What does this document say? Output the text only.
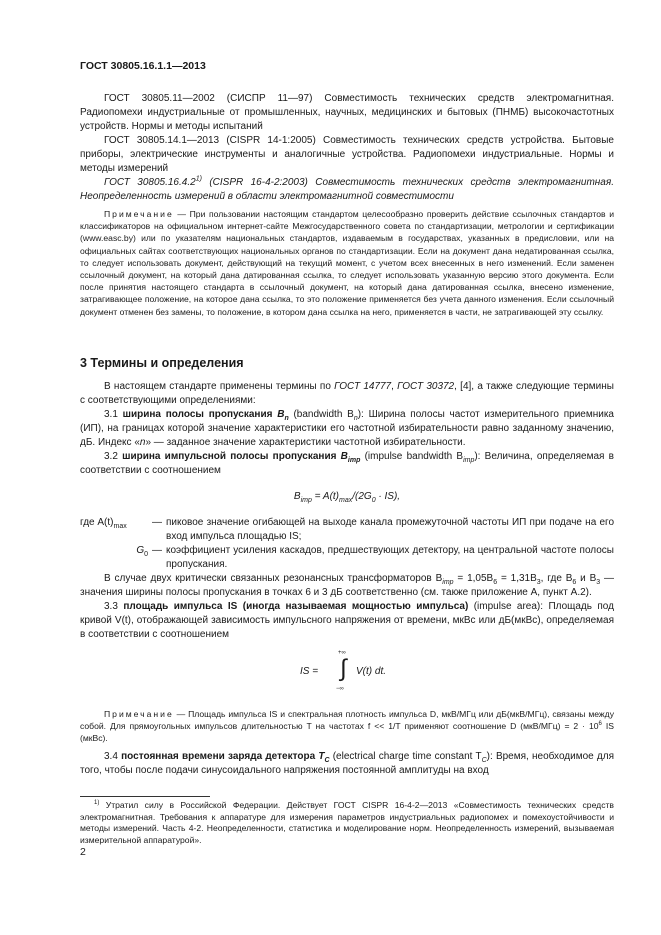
ГОСТ 30805.16.1.1—2013

ГОСТ 30805.11—2002 (СИСПР 11—97) Совместимость технических средств электромагнитная. Радиопомехи индустриальные от промышленных, научных, медицинских и бытовых (ПНМБ) высокочастотных устройств. Нормы и методы испытаний

ГОСТ 30805.14.1—2013 (CISPR 14-1:2005) Совместимость технических средств устройства. Бытовые приборы, электрические инструменты и аналогичные устройства. Радиопомехи индустриальные. Нормы и методы измерений

ГОСТ 30805.16.4.2$^{1)}$ (CISPR 16-4-2:2003) Совместимость технических средств электромагнитная. Неопределенность измерений в области электромагнитной совместимости

Примечание — При пользовании настоящим стандартом целесообразно проверить действие ссылочных стандартов и классификаторов на официальном интернет-сайте Межгосударственного совета по стандартизации, метрологии и сертификации (www.easc.by) или по указателям национальных стандартов, издаваемым в государствах, указанных в предисловии, или на официальных сайтах соответствующих национальных органов по стандартизации. Если на документ дана недатированная ссылка, то следует использовать документ, действующий на текущий момент, с учетом всех внесенных в него изменений. Если заменен ссылочный документ, на который дана датированная ссылка, то следует использовать указанную версию этого документа. Если после принятия настоящего стандарта в ссылочный документ, на который дана датированная ссылка, внесено изменение, затрагивающее положение, на которое дана ссылка, то это положение применяется без учета данного изменения. Если ссылочный документ отменен без замены, то положение, в котором дана ссылка на него, применяется в части, не затрагивающей эту ссылку.

3 Термины и определения

В настоящем стандарте применены термины по ГОСТ 14777, ГОСТ 30372, [4], а также следующие термины с соответствующими определениями:

3.1 ширина полосы пропускания $B_n$ (bandwidth $B_n$): Ширина полосы частот измерительного приемника (ИП), на границах которой значение характеристики его частотной избирательности равно заданному значению, дБ. Индекс «n» — заданное значение характеристики частотной избирательности.

3.2 ширина импульсной полосы пропускания $B_{imp}$ (impulse bandwidth $B_{imp}$): Величина, определяемая в соответствии с соотношением

$B_{imp} = A(t)_{max}/(2G_0 \cdot IS)$,

где $A(t)_{max}$	— пиковое значение огибающей на выходе канала промежуточной частоты ИП при подаче на его вход импульса площадью IS;
$G_0$ — коэффициент усиления каскадов, предшествующих детектору, на центральной частоте полосы пропускания.

В случае двух критически связанных резонансных трансформаторов $B_{imp} = 1,05B_6 = 1,31B_3$, где $B_6$ и $B_3$ — значения ширины полосы пропускания в точках 6 и 3 дБ соответственно (см. также приложение А, пункт А.2).

3.3 площадь импульса IS (иногда называемая мощностью импульса) (impulse area): Площадь под кривой V(t), отображающей зависимость импульсного напряжения от времени, мкВс или дБ(мкВс), определяемая в соответствии с соотношением

IS =
+∞
∫
−∞
V(t) dt.

Примечание — Площадь импульса IS и спектральная плотность импульса D, мкВ/МГц или дБ(мкВ/МГц), связаны между собой. Для прямоугольных импульсов длительностью T на частотах f << 1/T применяют соотношение D $(мкВ/МГц) = 2 \cdot 10^6$ IS (мкВс).

3.4 постоянная времени заряда детектора $T_C$ (electrical charge time constant $T_C$): Время, необходимое для того, чтобы после подачи синусоидального напряжения постоянной амплитуды на вход

$^{1)}$ Утратил силу в Российской Федерации. Действует ГОСТ CISPR 16-4-2—2013 «Совместимость технических средств электромагнитная. Требования к аппаратуре для измерения параметров индустриальных радиопомех и помехоустойчивости и методы измерений. Часть 4-2. Неопределенности, статистика и моделирование норм. Неопределенность измерений, вызываемая измерительной аппаратурой».
2
